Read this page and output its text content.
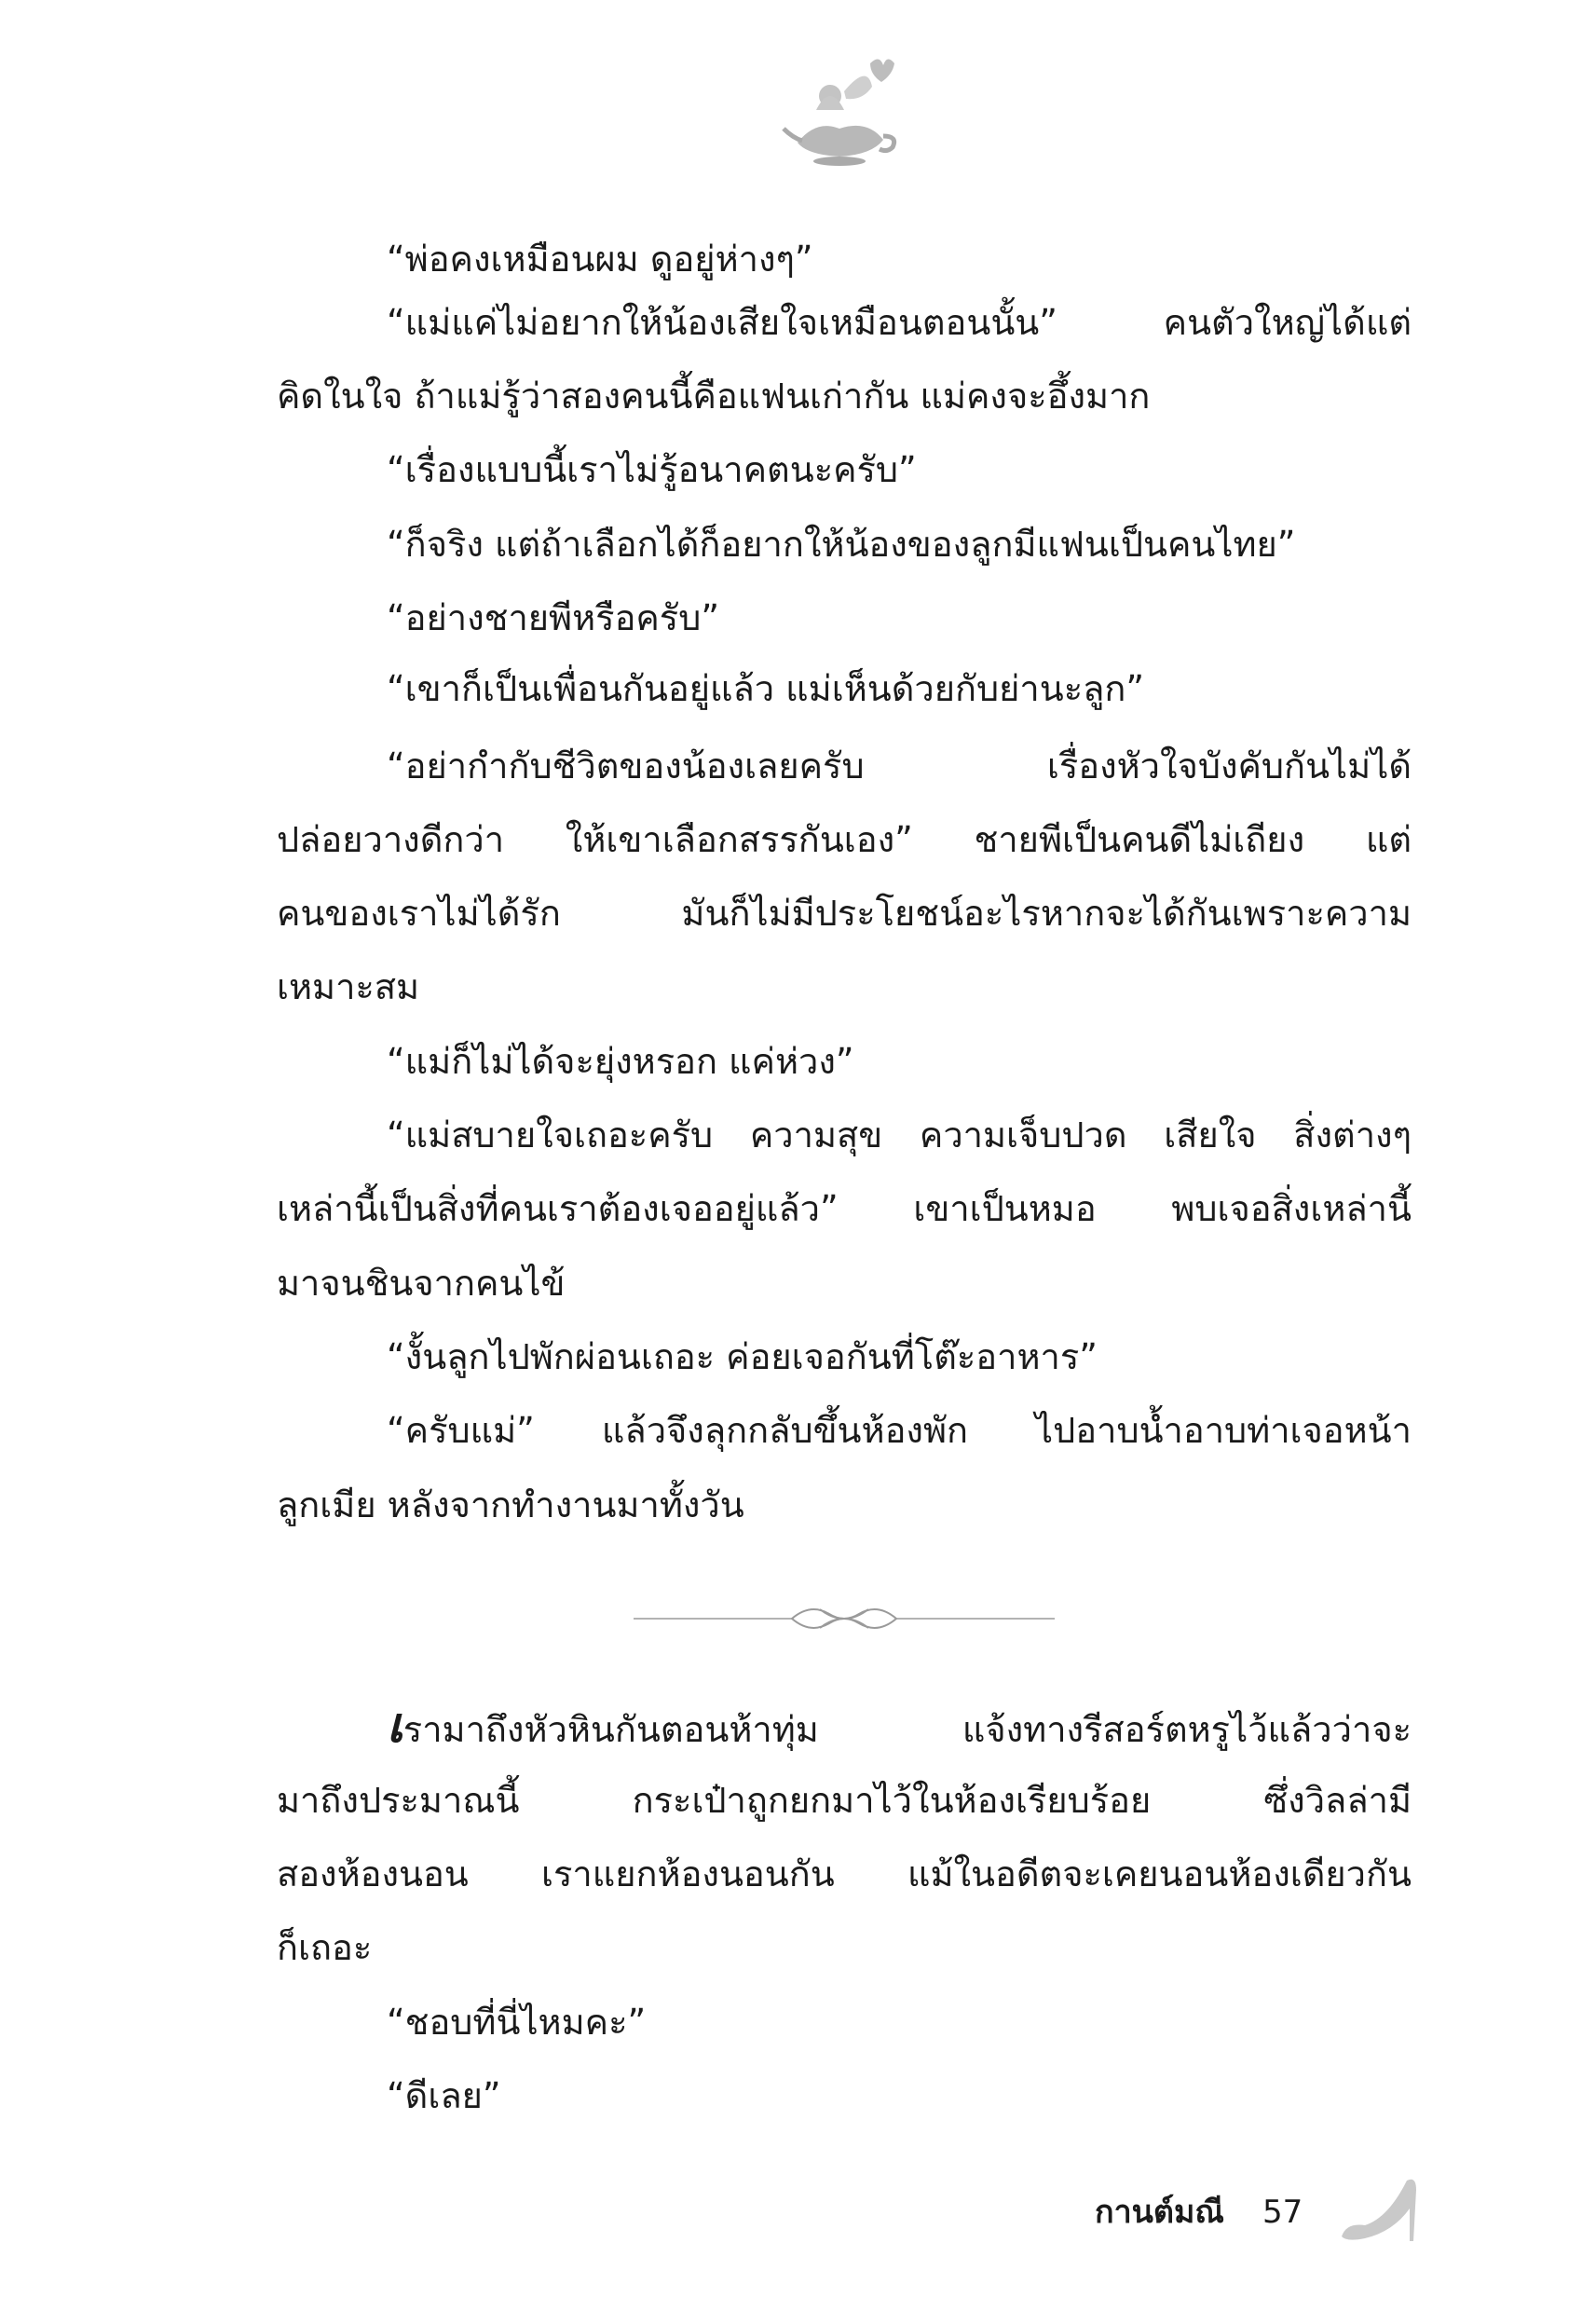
“พ่อคงเหมือนผม ดูอยู่ห่างๆ”
“แม่แค่ไม่อยากให้น้องเสียใจเหมือนตอนนั้น” คนตัวใหญ่ได้แต่
คิดในใจ ถ้าแม่รู้ว่าสองคนนี้คือแฟนเก่ากัน แม่คงจะอึ้งมาก
“เรื่องแบบนี้เราไม่รู้อนาคตนะครับ”
“ก็จริง แต่ถ้าเลือกได้ก็อยากให้น้องของลูกมีแฟนเป็นคนไทย”
“อย่างชายพีหรือครับ”
“เขาก็เป็นเพื่อนกันอยู่แล้ว แม่เห็นด้วยกับย่านะลูก”
“อย่ากำกับชีวิตของน้องเลยครับ เรื่องหัวใจบังคับกันไม่ได้
ปล่อยวางดีกว่า ให้เขาเลือกสรรกันเอง” ชายพีเป็นคนดีไม่เถียง แต่
คนของเราไม่ได้รัก มันก็ไม่มีประโยชน์อะไรหากจะได้กันเพราะความ
เหมาะสม
“แม่ก็ไม่ได้จะยุ่งหรอก แค่ห่วง”
“แม่สบายใจเถอะครับ ความสุข ความเจ็บปวด เสียใจ สิ่งต่างๆ
เหล่านี้เป็นสิ่งที่คนเราต้องเจออยู่แล้ว” เขาเป็นหมอ พบเจอสิ่งเหล่านี้
มาจนชินจากคนไข้
“งั้นลูกไปพักผ่อนเถอะ ค่อยเจอกันที่โต๊ะอาหาร”
“ครับแม่” แล้วจึงลุกกลับขึ้นห้องพัก ไปอาบน้ำอาบท่าเจอหน้า
ลูกเมีย หลังจากทำงานมาทั้งวัน
เรามาถึงหัวหินกันตอนห้าทุ่ม แจ้งทางรีสอร์ตหรูไว้แล้วว่าจะ
มาถึงประมาณนี้ กระเป๋าถูกยกมาไว้ในห้องเรียบร้อย ซึ่งวิลล่ามี
สองห้องนอน เราแยกห้องนอนกัน แม้ในอดีตจะเคยนอนห้องเดียวกัน
ก็เถอะ
“ชอบที่นี่ไหมคะ”
“ดีเลย”
กานต์มณี 57
